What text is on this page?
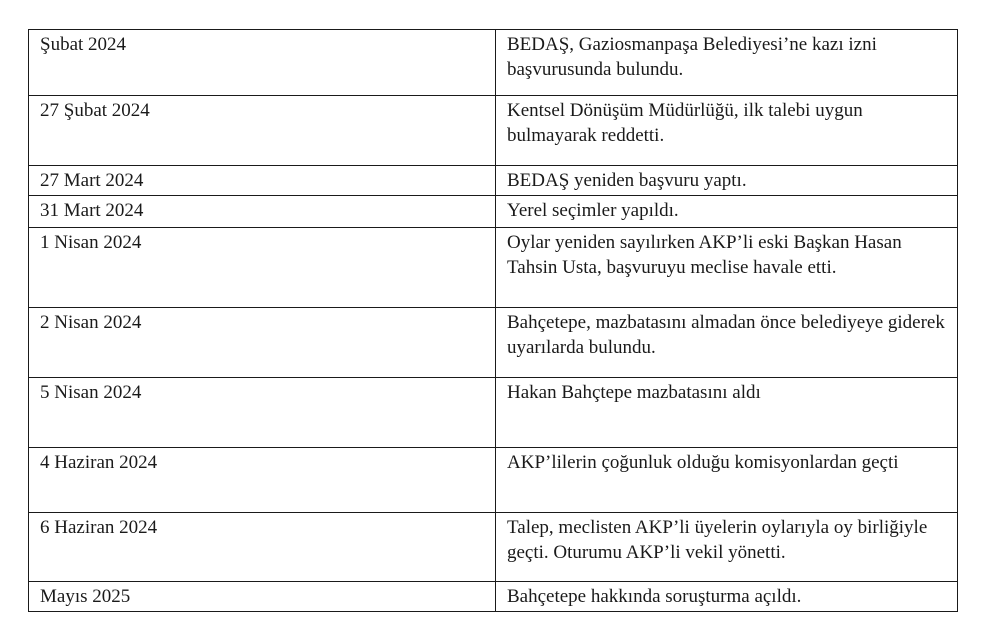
Şubat 2024	BEDAŞ, Gaziosmanpaşa Belediyesi’ne kazı izni başvurusunda bulundu.
27 Şubat 2024	Kentsel Dönüşüm Müdürlüğü, ilk talebi uygun bulmayarak reddetti.
27 Mart 2024	BEDAŞ yeniden başvuru yaptı.
31 Mart 2024	Yerel seçimler yapıldı.
1 Nisan 2024	Oylar yeniden sayılırken AKP’li eski Başkan Hasan Tahsin Usta, başvuruyu meclise havale etti.
2 Nisan 2024	Bahçetepe, mazbatasını almadan önce belediyeye giderek uyarılarda bulundu.
5 Nisan 2024	Hakan Bahçtepe mazbatasını aldı
4 Haziran 2024	AKP’lilerin çoğunluk olduğu komisyonlardan geçti
6 Haziran 2024	Talep, meclisten AKP’li üyelerin oylarıyla oy birliğiyle geçti. Oturumu AKP’li vekil yönetti.
Mayıs 2025	Bahçetepe hakkında soruşturma açıldı.
